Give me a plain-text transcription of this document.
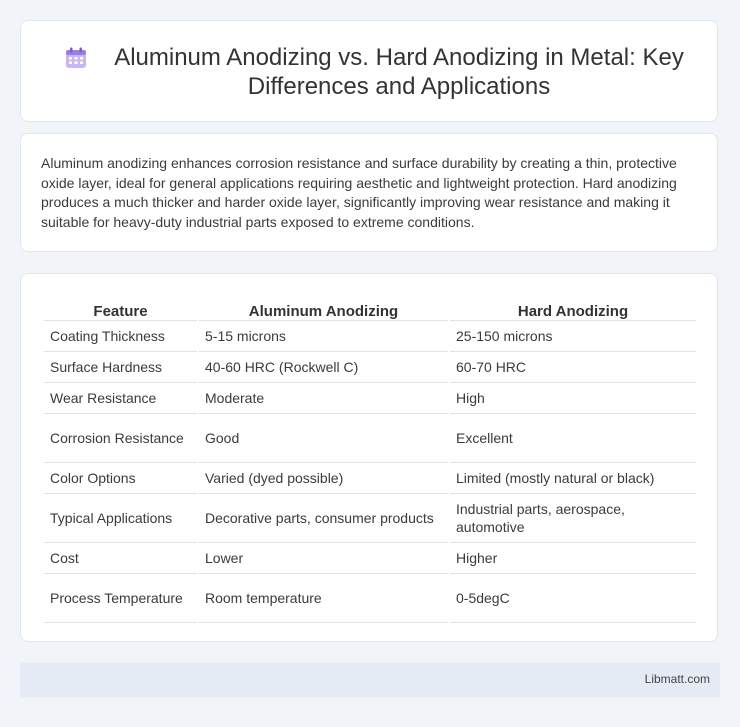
Aluminum Anodizing vs. Hard Anodizing in Metal: Key Differences and Applications

Aluminum anodizing enhances corrosion resistance and surface durability by creating a thin, protective oxide layer, ideal for general applications requiring aesthetic and lightweight protection. Hard anodizing produces a much thicker and harder oxide layer, significantly improving wear resistance and making it suitable for heavy-duty industrial parts exposed to extreme conditions.

Feature	Aluminum Anodizing	Hard Anodizing
Coating Thickness	5-15 microns	25-150 microns
Surface Hardness	40-60 HRC (Rockwell C)	60-70 HRC
Wear Resistance	Moderate	High
Corrosion Resistance	Good	Excellent
Color Options	Varied (dyed possible)	Limited (mostly natural or black)
Typical Applications	Decorative parts, consumer products	Industrial parts, aerospace, automotive
Cost	Lower	Higher
Process Temperature	Room temperature	0-5degC
Libmatt.com
